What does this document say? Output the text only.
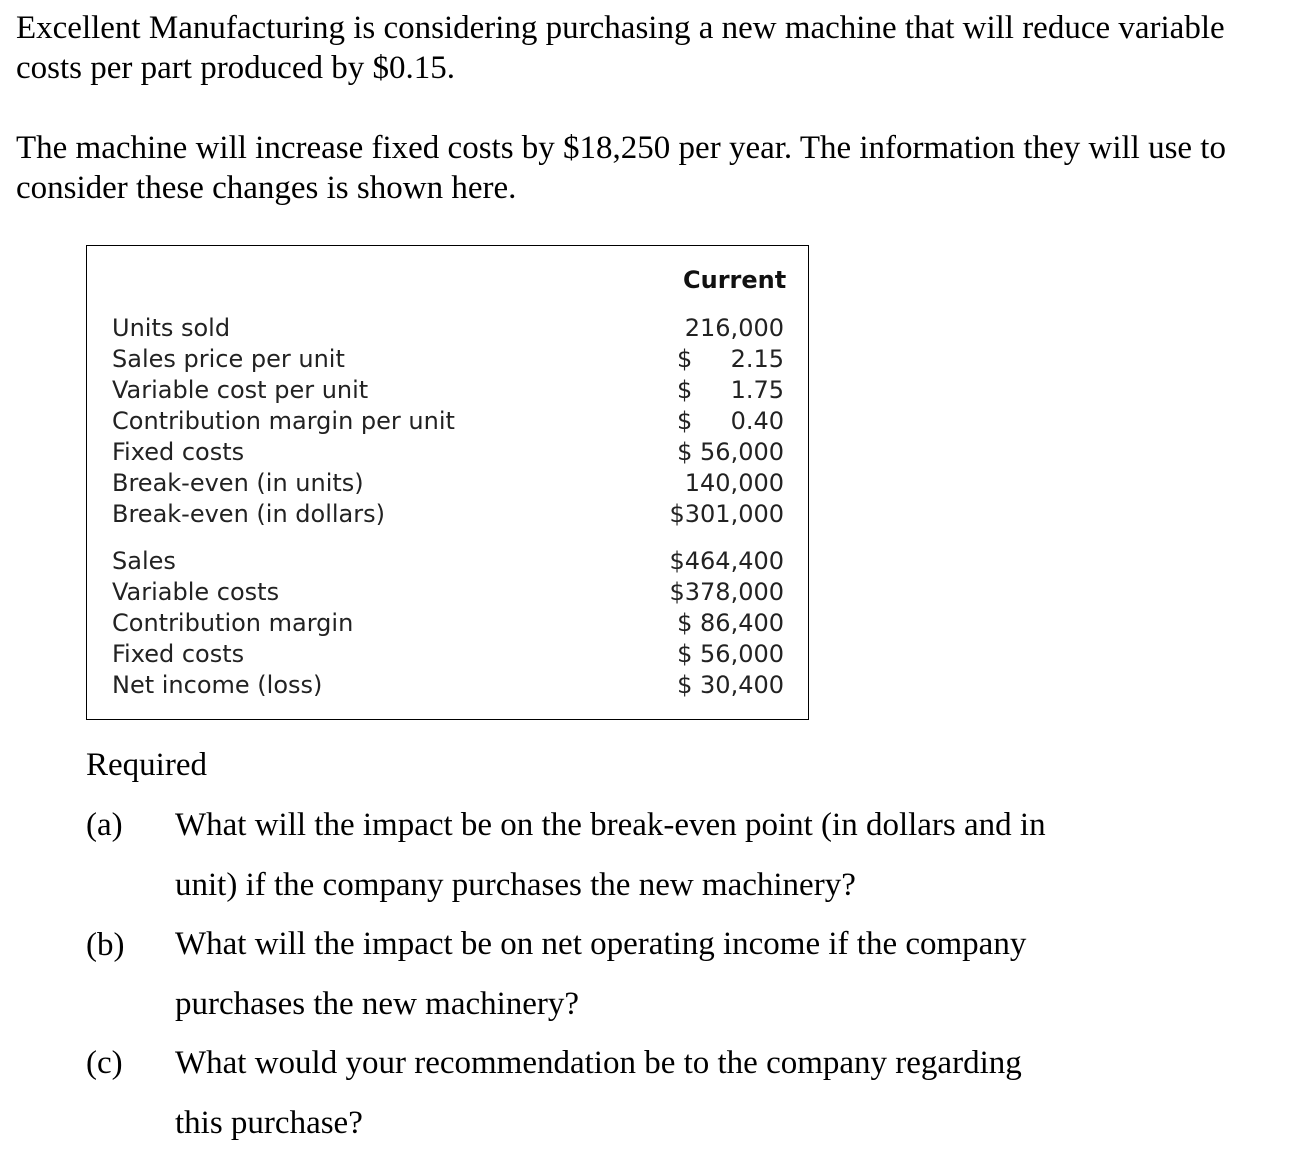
Excellent Manufacturing is considering purchasing a new machine that will reduce variable costs per part produced by $0.15.

The machine will increase fixed costs by $18,250 per year. The information they will use to consider these changes is shown here.

Current
Units sold	216,000
Sales price per unit	$ 2.15
Variable cost per unit	$ 1.75
Contribution margin per unit	$ 0.40
Fixed costs	$ 56,000
Break-even (in units)	140,000
Break-even (in dollars)	$301,000
Sales	$464,400
Variable costs	$378,000
Contribution margin	$ 86,400
Fixed costs	$ 56,000
Net income (loss)	$ 30,400
Required
(a) What will the impact be on the break-even point (in dollars and in unit) if the company purchases the new machinery?
(b) What will the impact be on net operating income if the company purchases the new machinery?
(c) What would your recommendation be to the company regarding this purchase?
